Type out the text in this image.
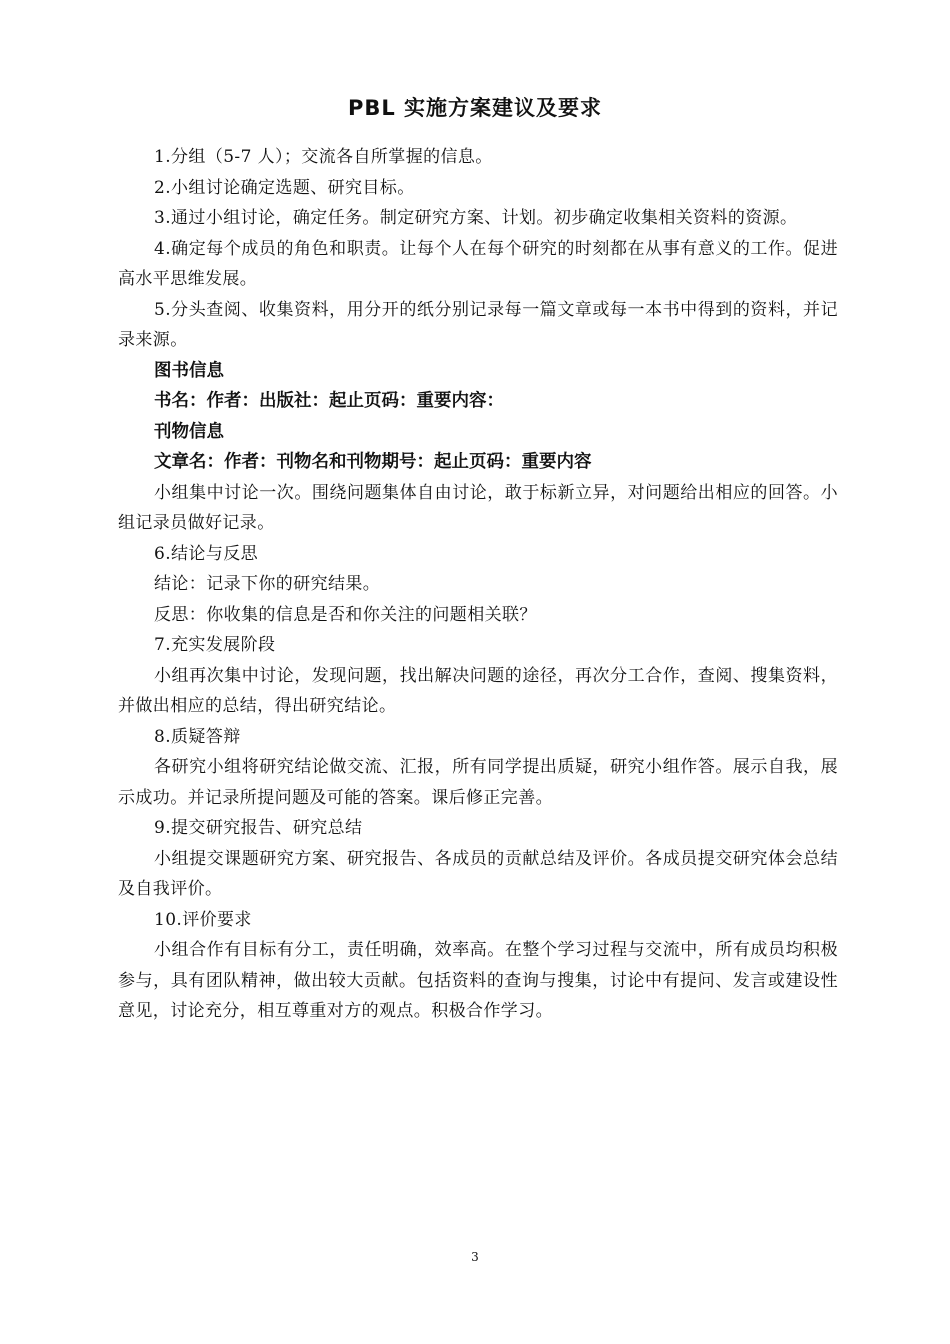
PBL 实施方案建议及要求

1.分组（5-7 人）；交流各自所掌握的信息。

2.小组讨论确定选题、研究目标。

3.通过小组讨论，确定任务。制定研究方案、计划。初步确定收集相关资料的资源。

4.确定每个成员的角色和职责。让每个人在每个研究的时刻都在从事有意义的工作。促进高水平思维发展。

5.分头查阅、收集资料，用分开的纸分别记录每一篇文章或每一本书中得到的资料，并记录来源。

图书信息

书名：作者：出版社：起止页码：重要内容：

刊物信息

文章名：作者：刊物名和刊物期号：起止页码：重要内容

小组集中讨论一次。围绕问题集体自由讨论，敢于标新立异，对问题给出相应的回答。小组记录员做好记录。

6.结论与反思

结论：记录下你的研究结果。

反思：你收集的信息是否和你关注的问题相关联？

7.充实发展阶段

小组再次集中讨论，发现问题，找出解决问题的途径，再次分工合作，查阅、搜集资料，并做出相应的总结，得出研究结论。

8.质疑答辩

各研究小组将研究结论做交流、汇报，所有同学提出质疑，研究小组作答。展示自我，展示成功。并记录所提问题及可能的答案。课后修正完善。

9.提交研究报告、研究总结

小组提交课题研究方案、研究报告、各成员的贡献总结及评价。各成员提交研究体会总结及自我评价。

10.评价要求

小组合作有目标有分工，责任明确，效率高。在整个学习过程与交流中，所有成员均积极参与，具有团队精神，做出较大贡献。包括资料的查询与搜集，讨论中有提问、发言或建设性意见，讨论充分，相互尊重对方的观点。积极合作学习。

3
